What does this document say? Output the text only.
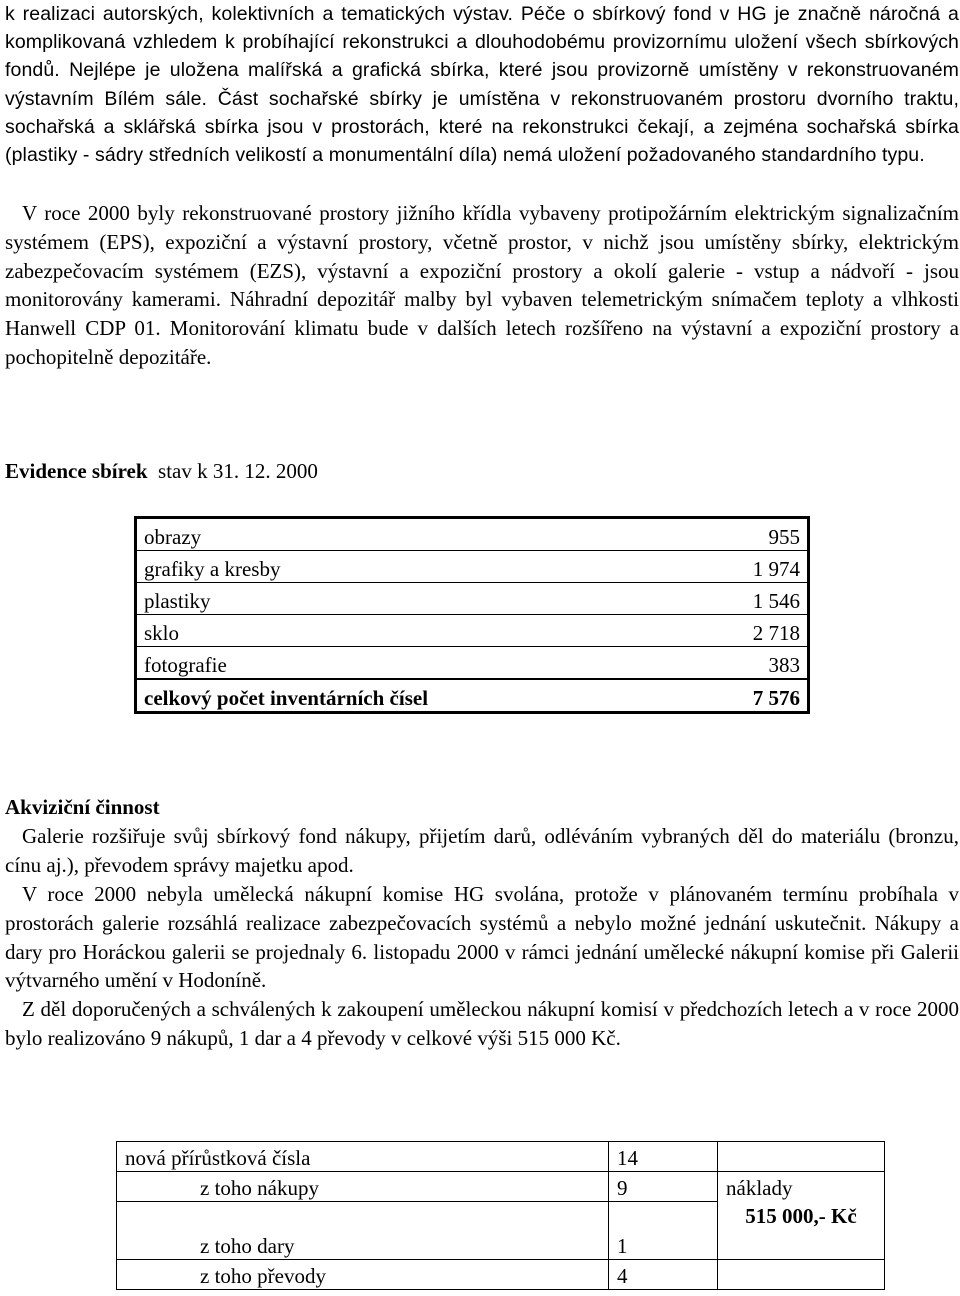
k realizaci autorských, kolektivních a tematických výstav. Péče o sbírkový fond v HG je značně náročná a komplikovaná vzhledem k probíhající rekonstrukci a dlouhodobému provizornímu uložení všech sbírkových fondů. Nejlépe je uložena malířská a grafická sbírka, které jsou provizorně umístěny v rekonstruovaném výstavním Bílém sále. Část sochařské sbírky je umístěna v rekonstruovaném prostoru dvorního traktu, sochařská a sklářská sbírka jsou v prostorách, které na rekonstrukci čekají, a zejména sochařská sbírka (plastiky - sádry středních velikostí a monumentální díla) nemá uložení požadovaného standardního typu.

V roce 2000 byly rekonstruované prostory jižního křídla vybaveny protipožárním elektrickým signalizačním systémem (EPS), expoziční a výstavní prostory, včetně prostor, v nichž jsou umístěny sbírky, elektrickým zabezpečovacím systémem (EZS), výstavní a expoziční prostory a okolí galerie - vstup a nádvoří - jsou monitorovány kamerami. Náhradní depozitář malby byl vybaven telemetrickým snímačem teploty a vlhkosti Hanwell CDP 01. Monitorování klimatu bude v dalších letech rozšířeno na výstavní a expoziční prostory a pochopitelně depozitáře.

Evidence sbírek stav k 31. 12. 2000
obrazy	955
grafiky a kresby	1 974
plastiky	1 546
sklo	2 718
fotografie	383
celkový počet inventárních čísel	7 576
Akviziční činnost

Galerie rozšiřuje svůj sbírkový fond nákupy, přijetím darů, odléváním vybraných děl do materiálu (bronzu, cínu aj.), převodem správy majetku apod.

V roce 2000 nebyla umělecká nákupní komise HG svolána, protože v plánovaném termínu probíhala v prostorách galerie rozsáhlá realizace zabezpečovacích systémů a nebylo možné jednání uskutečnit. Nákupy a dary pro Horáckou galerii se projednaly 6. listopadu 2000 v rámci jednání umělecké nákupní komise při Galerii výtvarného umění v Hodoníně.

Z děl doporučených a schválených k zakoupení uměleckou nákupní komisí v předchozích letech a v roce 2000 bylo realizováno 9 nákupů, 1 dar a 4 převody v celkové výši 515 000 Kč.

nová přírůstková čísla	14	
z toho nákupy	9	náklady
515 000,- Kč

z toho dary	1	
z toho převody	4	
